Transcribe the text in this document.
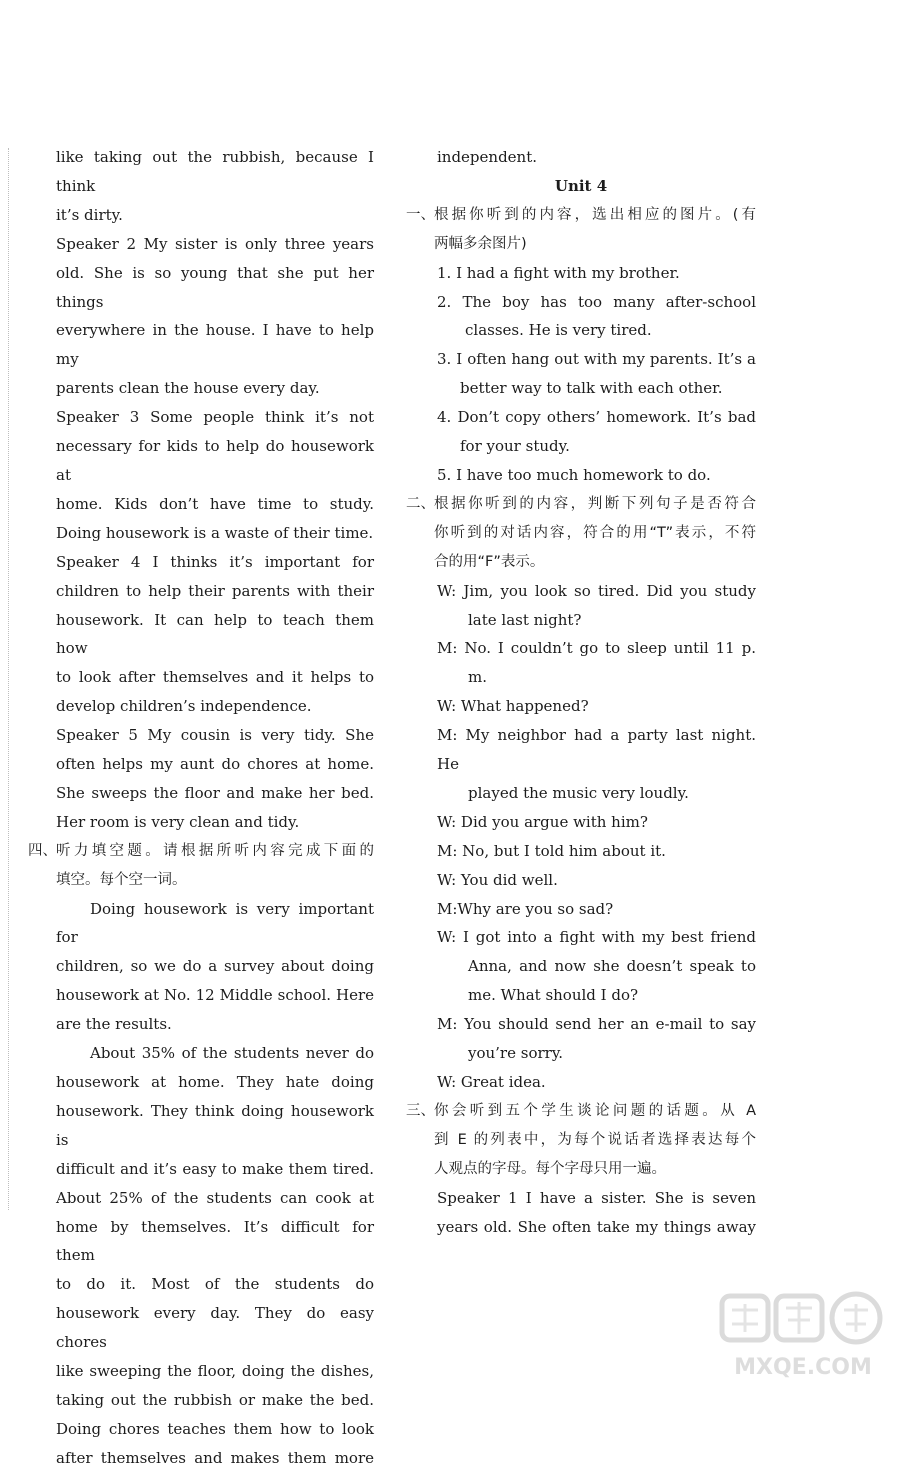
like taking out the rubbish, because I think

it’s dirty.

Speaker 2 My sister is only three years

old. She is so young that she put her things

everywhere in the house. I have to help my

parents clean the house every day.

Speaker 3 Some people think it’s not

necessary for kids to help do housework at

home. Kids don’t have time to study.

Doing housework is a waste of their time.

Speaker 4 I thinks it’s important for

children to help their parents with their

housework. It can help to teach them how

to look after themselves and it helps to

develop children’s independence.

Speaker 5 My cousin is very tidy. She

often helps my aunt do chores at home.

She sweeps the floor and make her bed.

Her room is very clean and tidy.

四、 听力填空题。请根据所听内容完成下面的

填空。每个空一词。

Doing housework is very important for

children, so we do a survey about doing

housework at No. 12 Middle school. Here

are the results.

About 35% of the students never do

housework at home. They hate doing

housework. They think doing housework is

difficult and it’s easy to make them tired.

About 25% of the students can cook at

home by themselves. It’s difficult for them

to do it. Most of the students do

housework every day. They do easy chores

like sweeping the floor, doing the dishes,

taking out the rubbish or make the bed.

Doing chores teaches them how to look

after themselves and makes them more

independent.

Unit 4

一、 根据你听到的内容，选出相应的图片。(有

两幅多余图片)

1. I had a fight with my brother.

2. The boy has too many after-school

classes. He is very tired.

3. I often hang out with my parents. It’s a

better way to talk with each other.

4. Don’t copy others’ homework. It’s bad

for your study.

5. I have too much homework to do.

二、 根据你听到的内容，判断下列句子是否符合

你听到的对话内容，符合的用“T”表示，不符

合的用“F”表示。

W: Jim, you look so tired. Did you study

late last night?

M: No. I couldn’t go to sleep until 11 p.

m.

W: What happened?

M: My neighbor had a party last night. He

played the music very loudly.

W: Did you argue with him?

M: No, but I told him about it.

W: You did well.

M:Why are you so sad?

W: I got into a fight with my best friend

Anna, and now she doesn’t speak to

me. What should I do?

M: You should send her an e-mail to say

you’re sorry.

W: Great idea.

三、 你会听到五个学生谈论问题的话题。从 A

到 E 的列表中，为每个说话者选择表达每个

人观点的字母。每个字母只用一遍。

Speaker 1 I have a sister. She is seven

years old. She often take my things away

MXQE.COM
